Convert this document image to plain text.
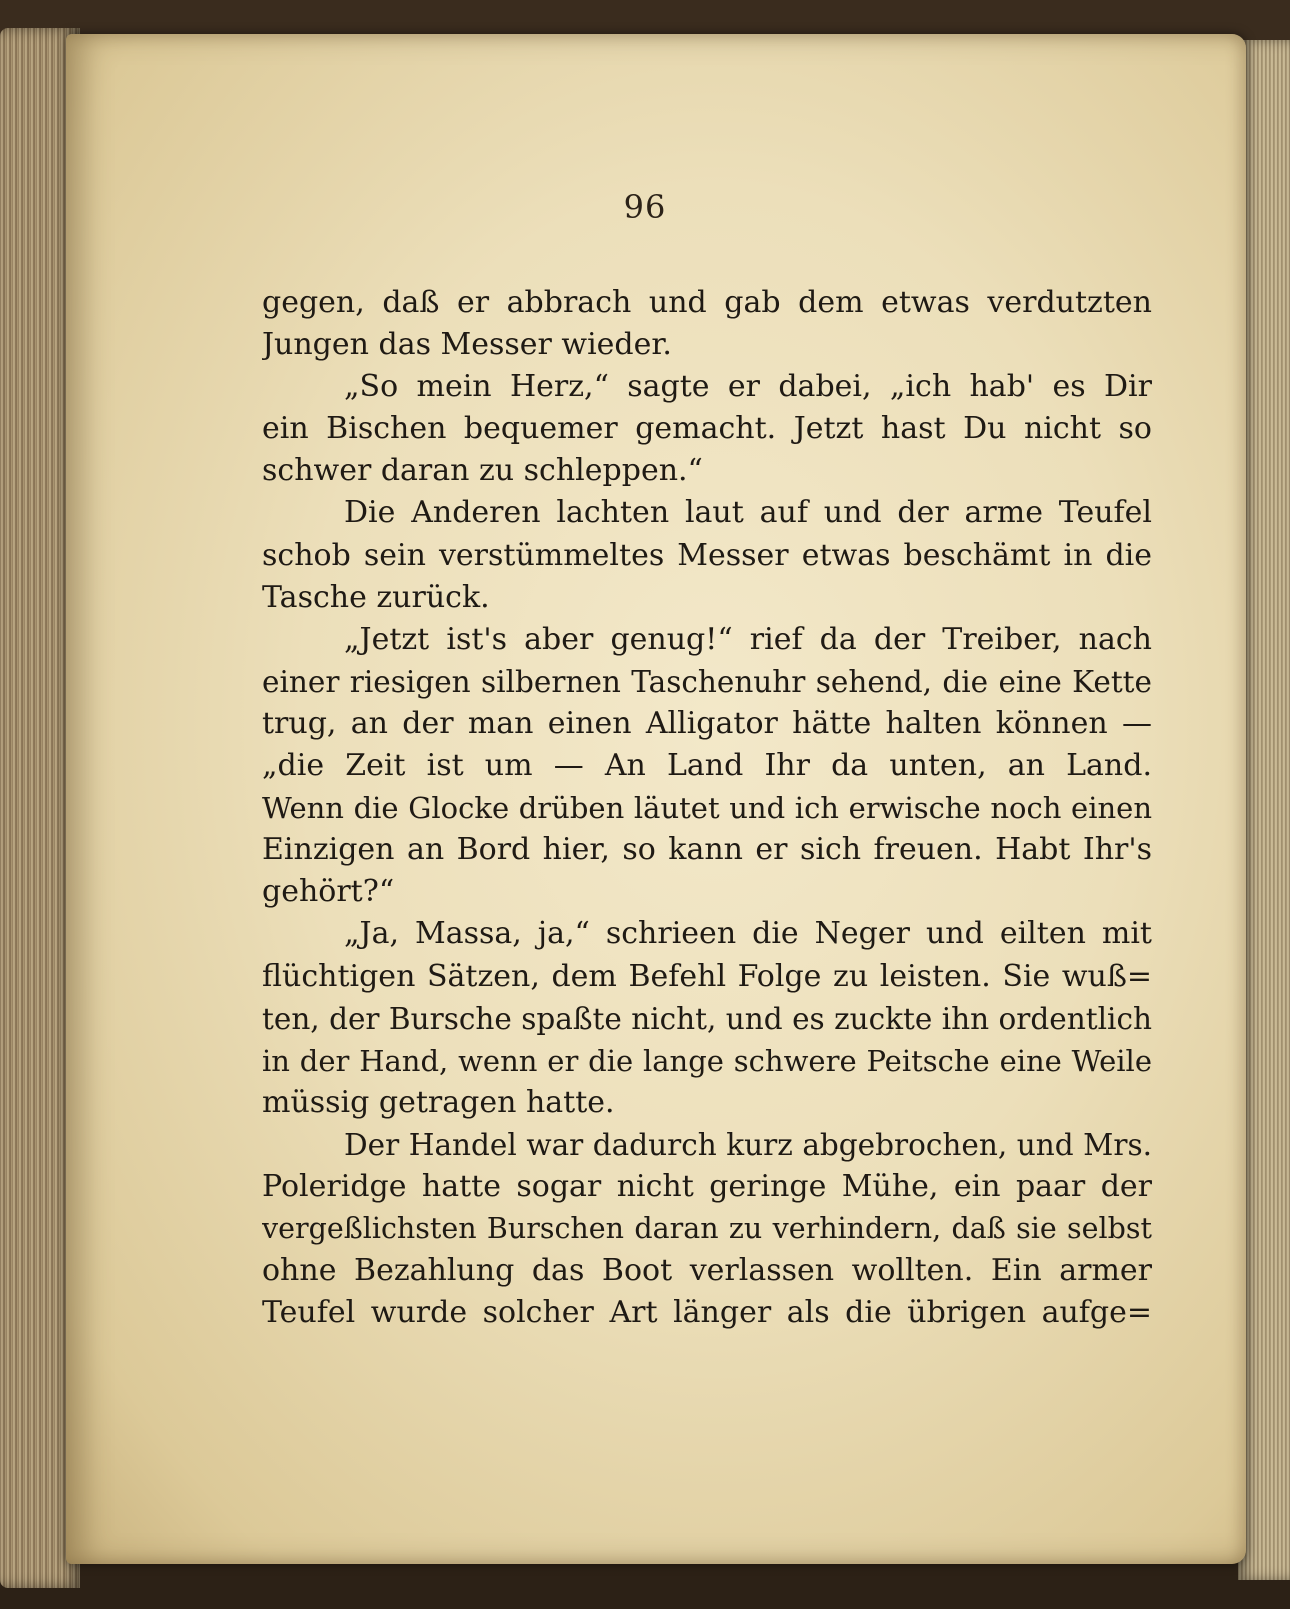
96
gegen, daß er abbrach und gab dem etwas verdutzten
Jungen das Messer wieder.
„So mein Herz,“ sagte er dabei, „ich hab' es Dir
ein Bischen bequemer gemacht. Jetzt hast Du nicht so
schwer daran zu schleppen.“
Die Anderen lachten laut auf und der arme Teufel
schob sein verstümmeltes Messer etwas beschämt in die
Tasche zurück.
„Jetzt ist's aber genug!“ rief da der Treiber, nach
einer riesigen silbernen Taschenuhr sehend, die eine Kette
trug, an der man einen Alligator hätte halten können —
„die Zeit ist um — An Land Ihr da unten, an Land.
Wenn die Glocke drüben läutet und ich erwische noch einen
Einzigen an Bord hier, so kann er sich freuen. Habt Ihr's
gehört?“
„Ja, Massa, ja,“ schrieen die Neger und eilten mit
flüchtigen Sätzen, dem Befehl Folge zu leisten. Sie wuß=
ten, der Bursche spaßte nicht, und es zuckte ihn ordentlich
in der Hand, wenn er die lange schwere Peitsche eine Weile
müssig getragen hatte.
Der Handel war dadurch kurz abgebrochen, und Mrs.
Poleridge hatte sogar nicht geringe Mühe, ein paar der
vergeßlichsten Burschen daran zu verhindern, daß sie selbst
ohne Bezahlung das Boot verlassen wollten. Ein armer
Teufel wurde solcher Art länger als die übrigen aufge=
